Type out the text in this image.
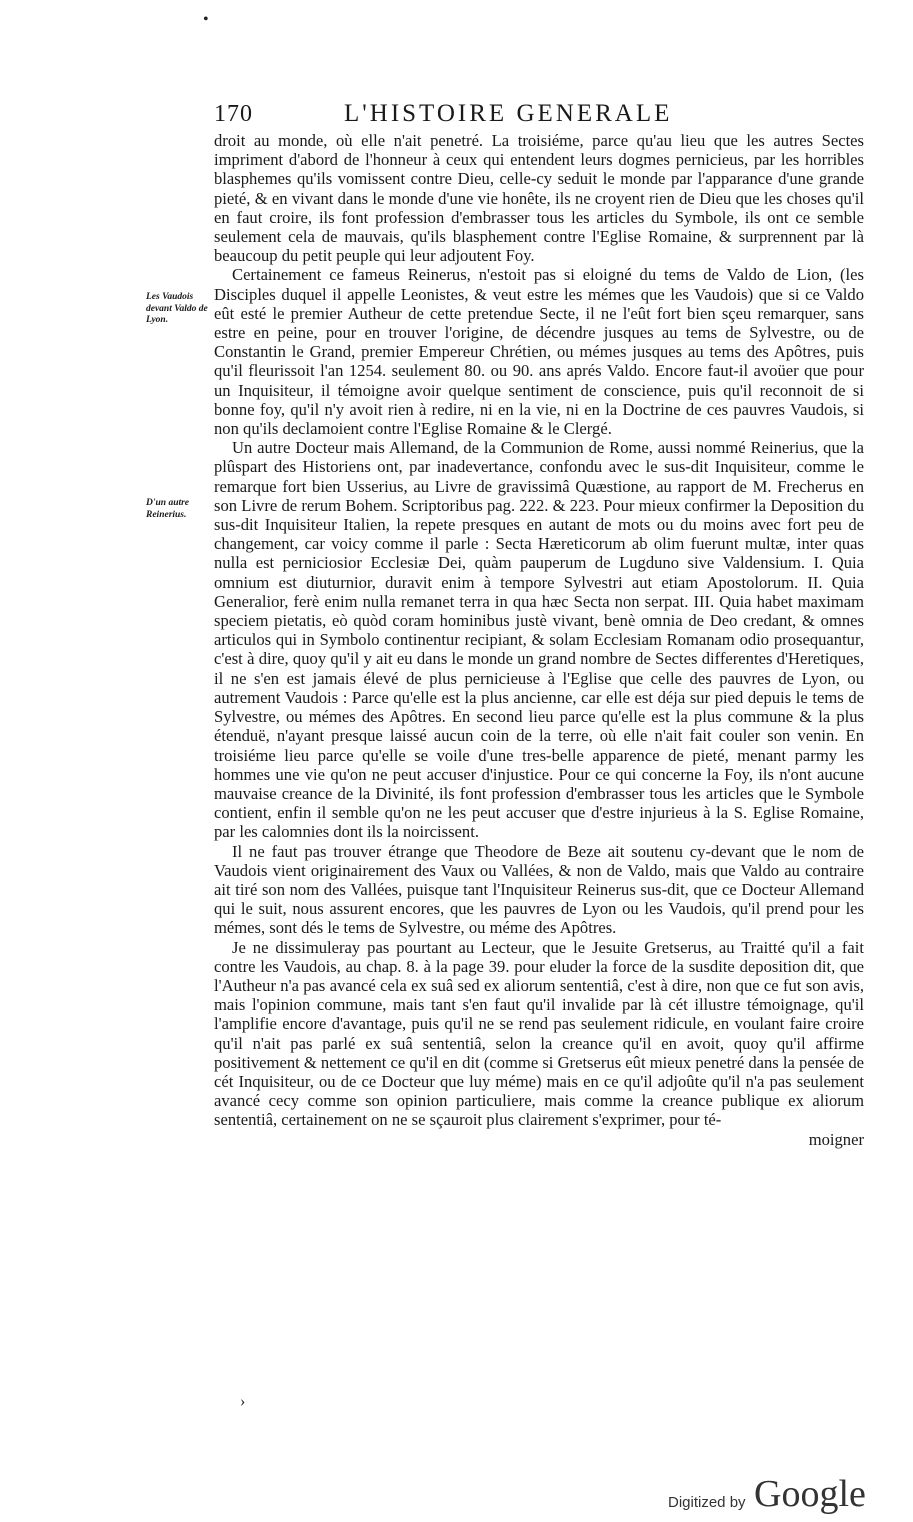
•
›
170	L'HISTOIRE GENERALE
Les Vaudois devant Valdo de Lyon.
D'un autre Reinerius.

droit au monde, où elle n'ait penetré. La troisiéme, parce qu'au lieu que les autres Sectes impriment d'abord de l'honneur à ceux qui entendent leurs dogmes pernicieus, par les horribles blasphemes qu'ils vomissent contre Dieu, celle-cy seduit le monde par l'apparance d'une grande pieté, & en vivant dans le monde d'une vie honête, ils ne croyent rien de Dieu que les choses qu'il en faut croire, ils font profession d'embrasser tous les articles du Symbole, ils ont ce semble seulement cela de mauvais, qu'ils blasphement contre l'Eglise Romaine, & surprennent par là beaucoup du petit peuple qui leur adjoutent Foy.

Certainement ce fameus Reinerus, n'estoit pas si eloigné du tems de Valdo de Lion, (les Disciples duquel il appelle Leonistes, & veut estre les mémes que les Vaudois) que si ce Valdo eût esté le premier Autheur de cette pretendue Secte, il ne l'eût fort bien sçeu remarquer, sans estre en peine, pour en trouver l'origine, de décendre jusques au tems de Sylvestre, ou de Constantin le Grand, premier Empereur Chrétien, ou mémes jusques au tems des Apôtres, puis qu'il fleurissoit l'an 1254. seulement 80. ou 90. ans aprés Valdo. Encore faut-il avoüer que pour un Inquisiteur, il témoigne avoir quelque sentiment de conscience, puis qu'il reconnoit de si bonne foy, qu'il n'y avoit rien à redire, ni en la vie, ni en la Doctrine de ces pauvres Vaudois, si non qu'ils declamoient contre l'Eglise Romaine & le Clergé.

Un autre Docteur mais Allemand, de la Communion de Rome, aussi nommé Reinerius, que la plûspart des Historiens ont, par inadevertance, confondu avec le sus-dit Inquisiteur, comme le remarque fort bien Usserius, au Livre de gravissimâ Quæstione, au rapport de M. Frecherus en son Livre de rerum Bohem. Scriptoribus pag. 222. & 223. Pour mieux confirmer la Deposition du sus-dit Inquisiteur Italien, la repete presques en autant de mots ou du moins avec fort peu de changement, car voicy comme il parle : Secta Hæreticorum ab olim fuerunt multæ, inter quas nulla est perniciosior Ecclesiæ Dei, quàm pauperum de Lugduno sive Valdensium. I. Quia omnium est diuturnior, duravit enim à tempore Sylvestri aut etiam Apostolorum. II. Quia Generalior, ferè enim nulla remanet terra in qua hæc Secta non serpat. III. Quia habet maximam speciem pietatis, eò quòd coram hominibus justè vivant, benè omnia de Deo credant, & omnes articulos qui in Symbolo continentur recipiant, & solam Ecclesiam Romanam odio prosequantur, c'est à dire, quoy qu'il y ait eu dans le monde un grand nombre de Sectes differentes d'Heretiques, il ne s'en est jamais élevé de plus pernicieuse à l'Eglise que celle des pauvres de Lyon, ou autrement Vaudois : Parce qu'elle est la plus ancienne, car elle est déja sur pied depuis le tems de Sylvestre, ou mémes des Apôtres. En second lieu parce qu'elle est la plus commune & la plus étenduë, n'ayant presque laissé aucun coin de la terre, où elle n'ait fait couler son venin. En troisiéme lieu parce qu'elle se voile d'une tres-belle apparence de pieté, menant parmy les hommes une vie qu'on ne peut accuser d'injustice. Pour ce qui concerne la Foy, ils n'ont aucune mauvaise creance de la Divinité, ils font profession d'embrasser tous les articles que le Symbole contient, enfin il semble qu'on ne les peut accuser que d'estre injurieus à la S. Eglise Romaine, par les calomnies dont ils la noircissent.

Il ne faut pas trouver étrange que Theodore de Beze ait soutenu cy-devant que le nom de Vaudois vient originairement des Vaux ou Vallées, & non de Valdo, mais que Valdo au contraire ait tiré son nom des Vallées, puisque tant l'Inquisiteur Reinerus sus-dit, que ce Docteur Allemand qui le suit, nous assurent encores, que les pauvres de Lyon ou les Vaudois, qu'il prend pour les mémes, sont dés le tems de Sylvestre, ou méme des Apôtres.

Je ne dissimuleray pas pourtant au Lecteur, que le Jesuite Gretserus, au Traitté qu'il a fait contre les Vaudois, au chap. 8. à la page 39. pour eluder la force de la susdite deposition dit, que l'Autheur n'a pas avancé cela ex suâ sed ex aliorum sententiâ, c'est à dire, non que ce fut son avis, mais l'opinion commune, mais tant s'en faut qu'il invalide par là cét illustre témoignage, qu'il l'amplifie encore d'avantage, puis qu'il ne se rend pas seulement ridicule, en voulant faire croire qu'il n'ait pas parlé ex suâ sententiâ, selon la creance qu'il en avoit, quoy qu'il affirme positivement & nettement ce qu'il en dit (comme si Gretserus eût mieux penetré dans la pensée de cét Inquisiteur, ou de ce Docteur que luy méme) mais en ce qu'il adjoûte qu'il n'a pas seulement avancé cecy comme son opinion particuliere, mais comme la creance publique ex aliorum sententiâ, certainement on ne se sçauroit plus clairement s'exprimer, pour té-

moigner

Digitized by Google
